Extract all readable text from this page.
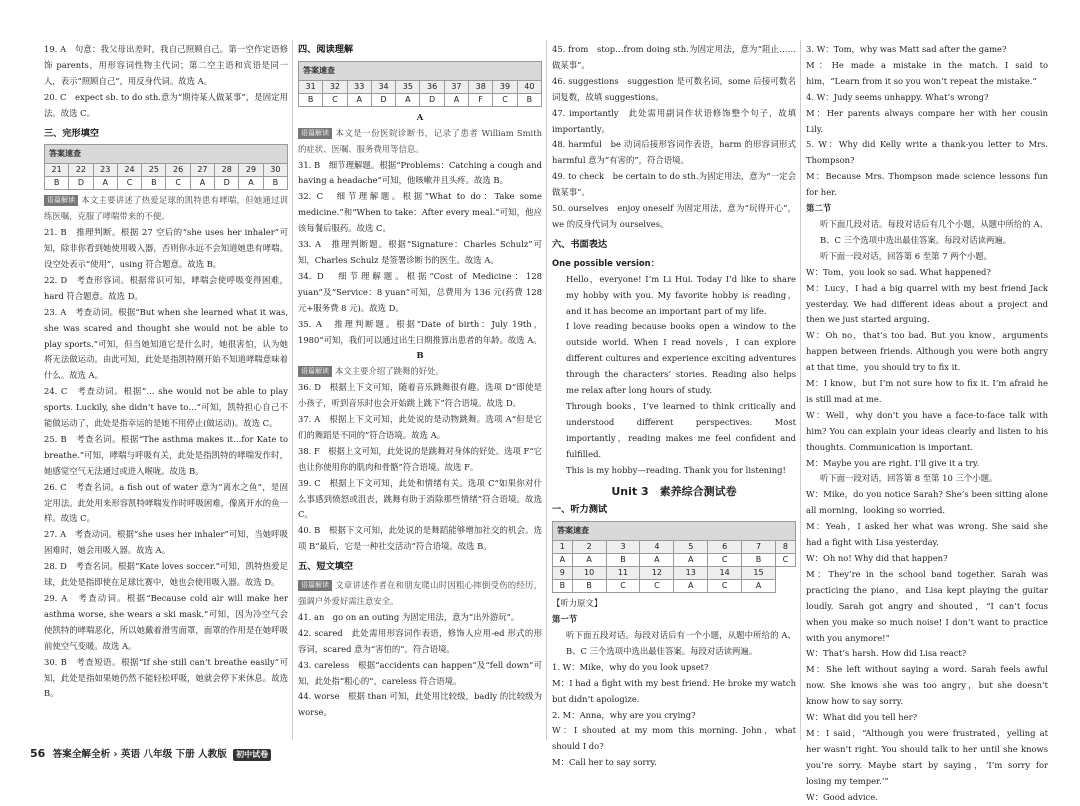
19. A　句意：我父母出差时，我自己照顾自己。第一空作定语修饰 parents，用形容词性物主代词；第二空主语和宾语是同一人，表示“照顾自己”，用反身代词。故选 A。

20. C　expect sb. to do sth.意为“期待某人做某事”，是固定用法。故选 C。

三、完形填空
答案速查									
21	22	23	24	25	26	27	28	29	30
B	D	A	C	B	C	A	D	A	B

语篇解读 本文主要讲述了热爱足球的凯特患有哮喘，但她通过训练医嘱，克服了哮喘带来的不便。

21. B　推理判断。根据 27 空后的“she uses her inhaler”可知，除非你看到她使用吸入器，否则你永远不会知道她患有哮喘。设空处表示“使用”，using 符合题意。故选 B。

22. D　考查形容词。根据常识可知，哮喘会使呼吸变得困难，hard 符合题意。故选 D。

23. A　考查动词。根据“But when she learned what it was, she was scared and thought she would not be able to play sports.”可知，但当她知道它是什么时，她很害怕，认为她将无法做运动。由此可知，此处是指凯特刚开始不知道哮喘意味着什么。故选 A。

24. C　考查动词。根据“… she would not be able to play sports. Luckily, she didn’t have to…”可知，凯特担心自己不能做运动了，此处是指幸运的是她不用停止(做运动)。故选 C。

25. B　考查名词。根据“The asthma makes it…for Kate to breathe.”可知，哮喘与呼吸有关，此处是指凯特的哮喘发作时，她感觉空气无法通过或进入喉咙。故选 B。

26. C　考查名词。a fish out of water 意为“离水之鱼”，是固定用法。此处用来形容凯特哮喘发作时呼吸困难，像离开水的鱼一样。故选 C。

27. A　考查动词。根据“she uses her inhaler”可知，当她呼吸困难时，她会用吸入器。故选 A。

28. D　考查名词。根据“Kate loves soccer.”可知，凯特热爱足球，此处是指即使在足球比赛中，她也会使用吸入器。故选 D。

29. A　考查动词。根据“Because cold air will make her asthma worse, she wears a ski mask.”可知，因为冷空气会使凯特的哮喘恶化，所以她戴着滑雪面罩，面罩的作用是在她呼吸前使空气变暖。故选 A。

30. B　考查短语。根据“If she still can’t breathe easily”可知，此处是指如果她仍然不能轻松呼吸，她就会停下来休息。故选 B。

四、阅读理解
答案速查									
31	32	33	34	35	36	37	38	39	40
B	C	A	D	A	D	A	F	C	B
A

语篇解读 本文是一份医院诊断书，记录了患者 William Smith 的症状、医嘱、服务费用等信息。

31. B　细节理解题。根据“Problems：Catching a cough and having a headache”可知，他咳嗽并且头疼。故选 B。

32. C　细节理解题。根据“What to do：Take some medicine.”和“When to take：After every meal.”可知，他应该每餐后服药。故选 C。

33. A　推理判断题。根据“Signature：Charles Schulz”可知，Charles Schulz 是签署诊断书的医生。故选 A。

34. D　细节理解题。根据“Cost of Medicine：128 yuan”及“Service：8 yuan”可知，总费用为 136 元(药费 128 元+服务费 8 元)。故选 D。

35. A　推理判断题。根据“Date of birth：July 19th，1980”可知，我们可以通过出生日期推算出患者的年龄。故选 A。

B

语篇解读 本文主要介绍了跳舞的好处。

36. D　根据上下文可知，随着音乐跳舞很有趣。选项 D“即使是小孩子，听到音乐时也会开始跳上跳下”符合语境。故选 D。

37. A　根据上下文可知，此处说的是动物跳舞。选项 A“但是它们的舞蹈是不同的”符合语境。故选 A。

38. F　根据上文可知，此处说的是跳舞对身体的好处。选项 F“它也让你使用你的肌肉和骨骼”符合语境。故选 F。

39. C　根据上下文可知，此处和情绪有关。选项 C“如果你对什么事感到愤怒或沮丧，跳舞有助于消除那些情绪”符合语境。故选 C。

40. B　根据下文可知，此处说的是舞蹈能够增加社交的机会。选项 B“最后，它是一种社交活动”符合语境。故选 B。

五、短文填空

语篇解读 文章讲述作者在和朋友爬山时因粗心摔倒受伤的经历，强调户外爱好需注意安全。

41. an　go on an outing 为固定用法，意为“出外游玩”。

42. scared　此处需用形容词作表语，修饰人应用-ed 形式的形容词，scared 意为“害怕的”，符合语境。

43. careless　根据“accidents can happen”及“fell down”可知，此处指“粗心的”，careless 符合语境。

44. worse　根据 than 可知，此处用比较级，badly 的比较级为 worse。

45. from　stop…from doing sth.为固定用法，意为“阻止……做某事”。

46. suggestions　suggestion 是可数名词，some 后接可数名词复数，故填 suggestions。

47. importantly　此处需用副词作状语修饰整个句子，故填 importantly。

48. harmful　be 动词后接形容词作表语，harm 的形容词形式 harmful 意为“有害的”，符合语境。

49. to check　be certain to do sth.为固定用法，意为“一定会做某事”。

50. ourselves　enjoy oneself 为固定用法，意为“玩得开心”，we 的反身代词为 ourselves。

六、书面表达

One possible version：

Hello，everyone! I’m Li Hui. Today I’d like to share my hobby with you. My favorite hobby is reading，and it has become an important part of my life.

I love reading because books open a window to the outside world. When I read novels，I can explore different cultures and experience exciting adventures through the characters’ stories. Reading also helps me relax after long hours of study.

Through books，I’ve learned to think critically and understood different perspectives. Most importantly，reading makes me feel confident and fulfilled.

This is my hobby—reading. Thank you for listening!

Unit 3　素养综合测试卷
一、听力测试
答案速查							
1	2	3	4	5	6	7	8
A	A	B	A	A	C	B	C
9	10	11	12	13	14	15	
B	B	C	C	A	C	A	

【听力原文】

第一节

听下面五段对话。每段对话后有一个小题，从题中所给的 A、B、C 三个选项中选出最佳答案。每段对话读两遍。

1. W：Mike，why do you look upset?

M：I had a fight with my best friend. He broke my watch but didn’t apologize.

2. M：Anna，why are you crying?

W：I shouted at my mom this morning. John，what should I do?

M：Call her to say sorry.

3. W：Tom，why was Matt sad after the game?

M：He made a mistake in the match. I said to him，“Learn from it so you won’t repeat the mistake.”

4. W：Judy seems unhappy. What’s wrong?

M：Her parents always compare her with her cousin Lily.

5. W：Why did Kelly write a thank-you letter to Mrs. Thompson?

M：Because Mrs. Thompson made science lessons fun for her.

第二节

听下面几段对话。每段对话后有几个小题，从题中所给的 A、B、C 三个选项中选出最佳答案。每段对话读两遍。

听下面一段对话，回答第 6 至第 7 两个小题。

W：Tom，you look so sad. What happened?

M：Lucy，I had a big quarrel with my best friend Jack yesterday. We had different ideas about a project and then we just started arguing.

W：Oh no，that’s too bad. But you know，arguments happen between friends. Although you were both angry at that time，you should try to fix it.

M：I know，but I’m not sure how to fix it. I’m afraid he is still mad at me.

W：Well，why don’t you have a face-to-face talk with him? You can explain your ideas clearly and listen to his thoughts. Communication is important.

M：Maybe you are right. I’ll give it a try.

听下面一段对话，回答第 8 至第 10 三个小题。

W：Mike，do you notice Sarah? She’s been sitting alone all morning，looking so worried.

M：Yeah，I asked her what was wrong. She said she had a fight with Lisa yesterday.

W：Oh no! Why did that happen?

M：They’re in the school band together. Sarah was practicing the piano，and Lisa kept playing the guitar loudly. Sarah got angry and shouted，“I can’t focus when you make so much noise! I don’t want to practice with you anymore!”

W：That’s harsh. How did Lisa react?

M：She left without saying a word. Sarah feels awful now. She knows she was too angry，but she doesn’t know how to say sorry.

W：What did you tell her?

M：I said，“Although you were frustrated，yelling at her wasn’t right. You should talk to her until she knows you’re sorry. Maybe start by saying，‘I’m sorry for losing my temper.’”

W：Good advice.

56 答案全解全析 › 英语 八年级 下册 人教版 初中试卷
